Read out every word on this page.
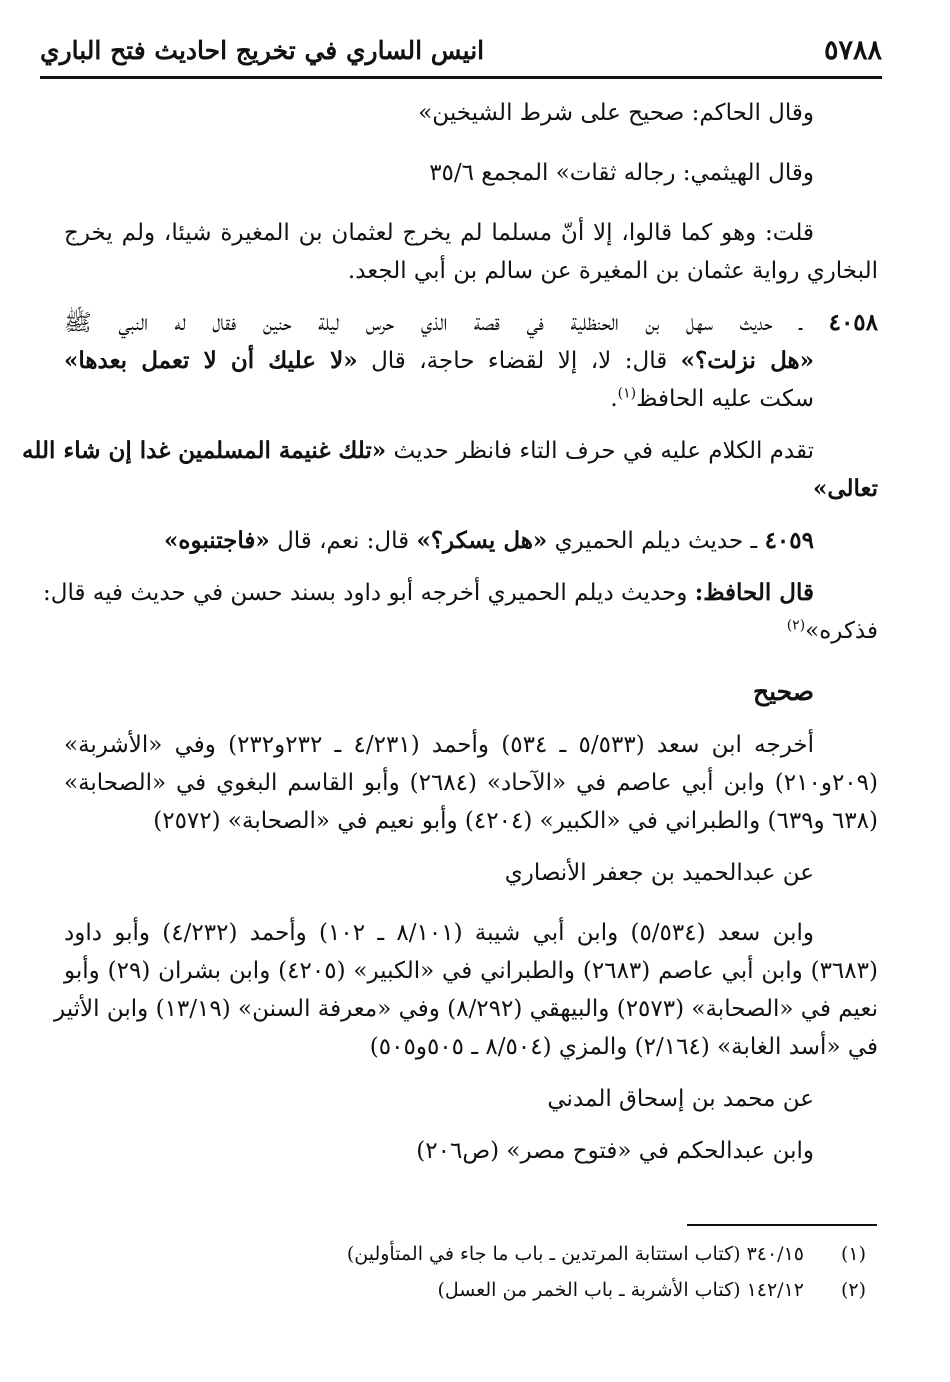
٥٧٨٨
انيس الساري في تخريج احاديث فتح الباري
وقال الحاكم: صحيح على شرط الشيخين»
وقال الهيثمي: رجاله ثقات» المجمع ٣٥/٦
قلت: وهو كما قالوا، إلا أنّ مسلما لم يخرج لعثمان بن المغيرة شيئا، ولم يخرج
البخاري رواية عثمان بن المغيرة عن سالم بن أبي الجعد.
٤٠٥٨ ـ حديث سهل بن الحنظلية في قصة الذي حرس ليلة حنين فقال له النبي ﷺ
«هل نزلت؟» قال: لا، إلا لقضاء حاجة، قال «لا عليك أن لا تعمل بعدها»
سكت عليه الحافظ$^{(١)}$.
تقدم الكلام عليه في حرف التاء فانظر حديث «تلك غنيمة المسلمين غدا إن شاء الله
تعالى»
٤٠٥٩ ـ حديث ديلم الحميري «هل يسكر؟» قال: نعم، قال «فاجتنبوه»
قال الحافظ: وحديث ديلم الحميري أخرجه أبو داود بسند حسن في حديث فيه قال:
فذكره»$^{(٢)}$
صحيح
أخرجه ابن سعد (٥/٥٣٣ ـ ٥٣٤) وأحمد (٤/٢٣١ ـ ٢٣٢و٢٣٢) وفي «الأشربة»
(٢٠٩و٢١٠) وابن أبي عاصم في «الآحاد» (٢٦٨٤) وأبو القاسم البغوي في «الصحابة»
(٦٣٨ و٦٣٩) والطبراني في «الكبير» (٤٢٠٤) وأبو نعيم في «الصحابة» (٢٥٧٢)
عن عبدالحميد بن جعفر الأنصاري
وابن سعد (٥/٥٣٤) وابن أبي شيبة (٨/١٠١ ـ ١٠٢) وأحمد (٤/٢٣٢) وأبو داود
(٣٦٨٣) وابن أبي عاصم (٢٦٨٣) والطبراني في «الكبير» (٤٢٠٥) وابن بشران (٢٩) وأبو
نعيم في «الصحابة» (٢٥٧٣) والبيهقي (٨/٢٩٢) وفي «معرفة السنن» (١٣/١٩) وابن الأثير
في «أسد الغابة» (٢/١٦٤) والمزي (٨/٥٠٤ ـ ٥٠٥و٥٠٥)
عن محمد بن إسحاق المدني
وابن عبدالحكم في «فتوح مصر» (ص٢٠٦)
(١)٣٤٠/١٥ (كتاب استتابة المرتدين ـ باب ما جاء في المتأولين)
(٢)١٤٢/١٢ (كتاب الأشربة ـ باب الخمر من العسل)
